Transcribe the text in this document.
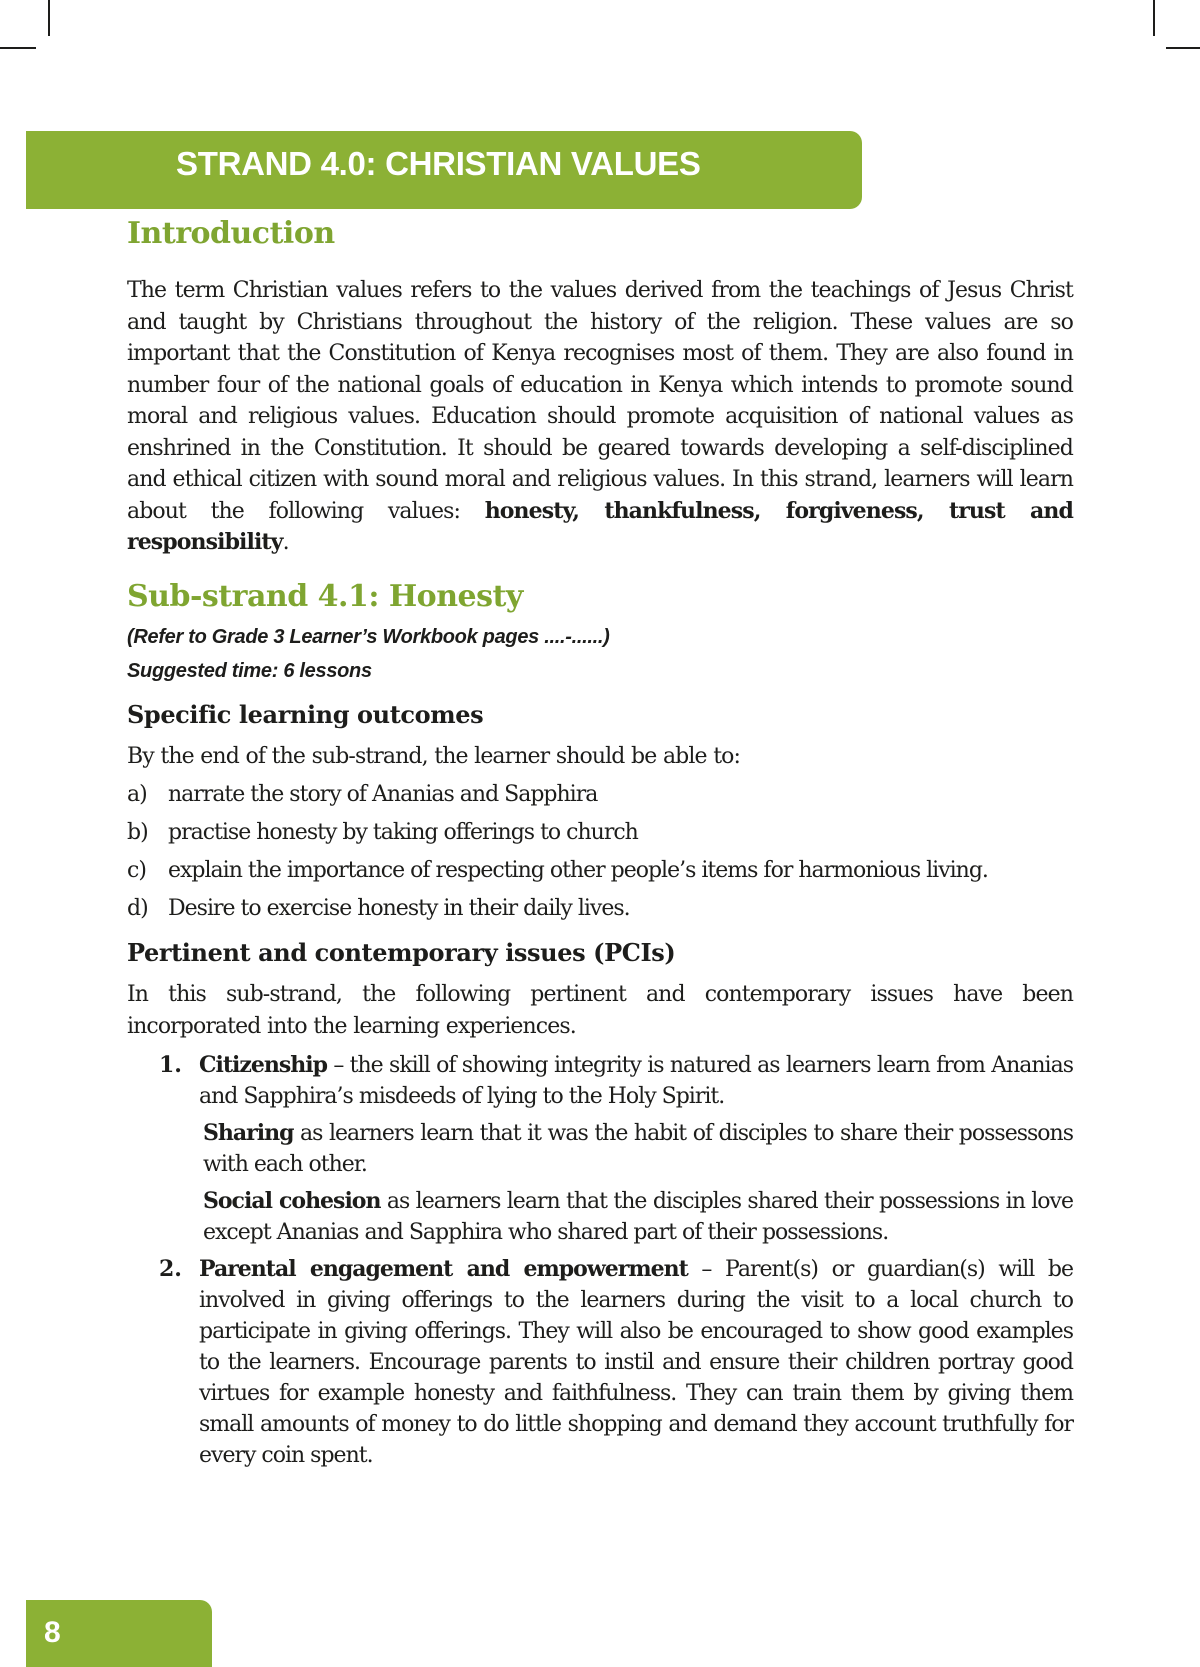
STRAND 4.0: CHRISTIAN VALUES
Introduction

The term Christian values refers to the values derived from the teachings of Jesus Christ and taught by Christians throughout the history of the religion. These values are so important that the Constitution of Kenya recognises most of them. They are also found in number four of the national goals of education in Kenya which intends to promote sound moral and religious values. Education should promote acquisition of national values as enshrined in the Constitution. It should be geared towards developing a self-disciplined and ethical citizen with sound moral and religious values. In this strand, learners will learn about the following values: honesty, thankfulness, forgiveness, trust and responsibility.

Sub-strand 4.1: Honesty

(Refer to Grade 3 Learner’s Workbook pages ....-......)

Suggested time: 6 lessons

Specific learning outcomes

By the end of the sub-strand, the learner should be able to:

a) narrate the story of Ananias and Sapphira
b) practise honesty by taking offerings to church
c) explain the importance of respecting other people’s items for harmonious living.
d) Desire to exercise honesty in their daily lives.
Pertinent and contemporary issues (PCIs)

In this sub-strand, the following pertinent and contemporary issues have been incorporated into the learning experiences.

1. Citizenship – the skill of showing integrity is natured as learners learn from Ananias and Sapphira’s misdeeds of lying to the Holy Spirit.

Sharing as learners learn that it was the habit of disciples to share their possessons with each other.

Social cohesion as learners learn that the disciples shared their possessions in love except Ananias and Sapphira who shared part of their possessions.

2. Parental engagement and empowerment – Parent(s) or guardian(s) will be involved in giving offerings to the learners during the visit to a local church to participate in giving offerings. They will also be encouraged to show good examples to the learners. Encourage parents to instil and ensure their children portray good virtues for example honesty and faithfulness. They can train them by giving them small amounts of money to do little shopping and demand they account truthfully for every coin spent.

8
